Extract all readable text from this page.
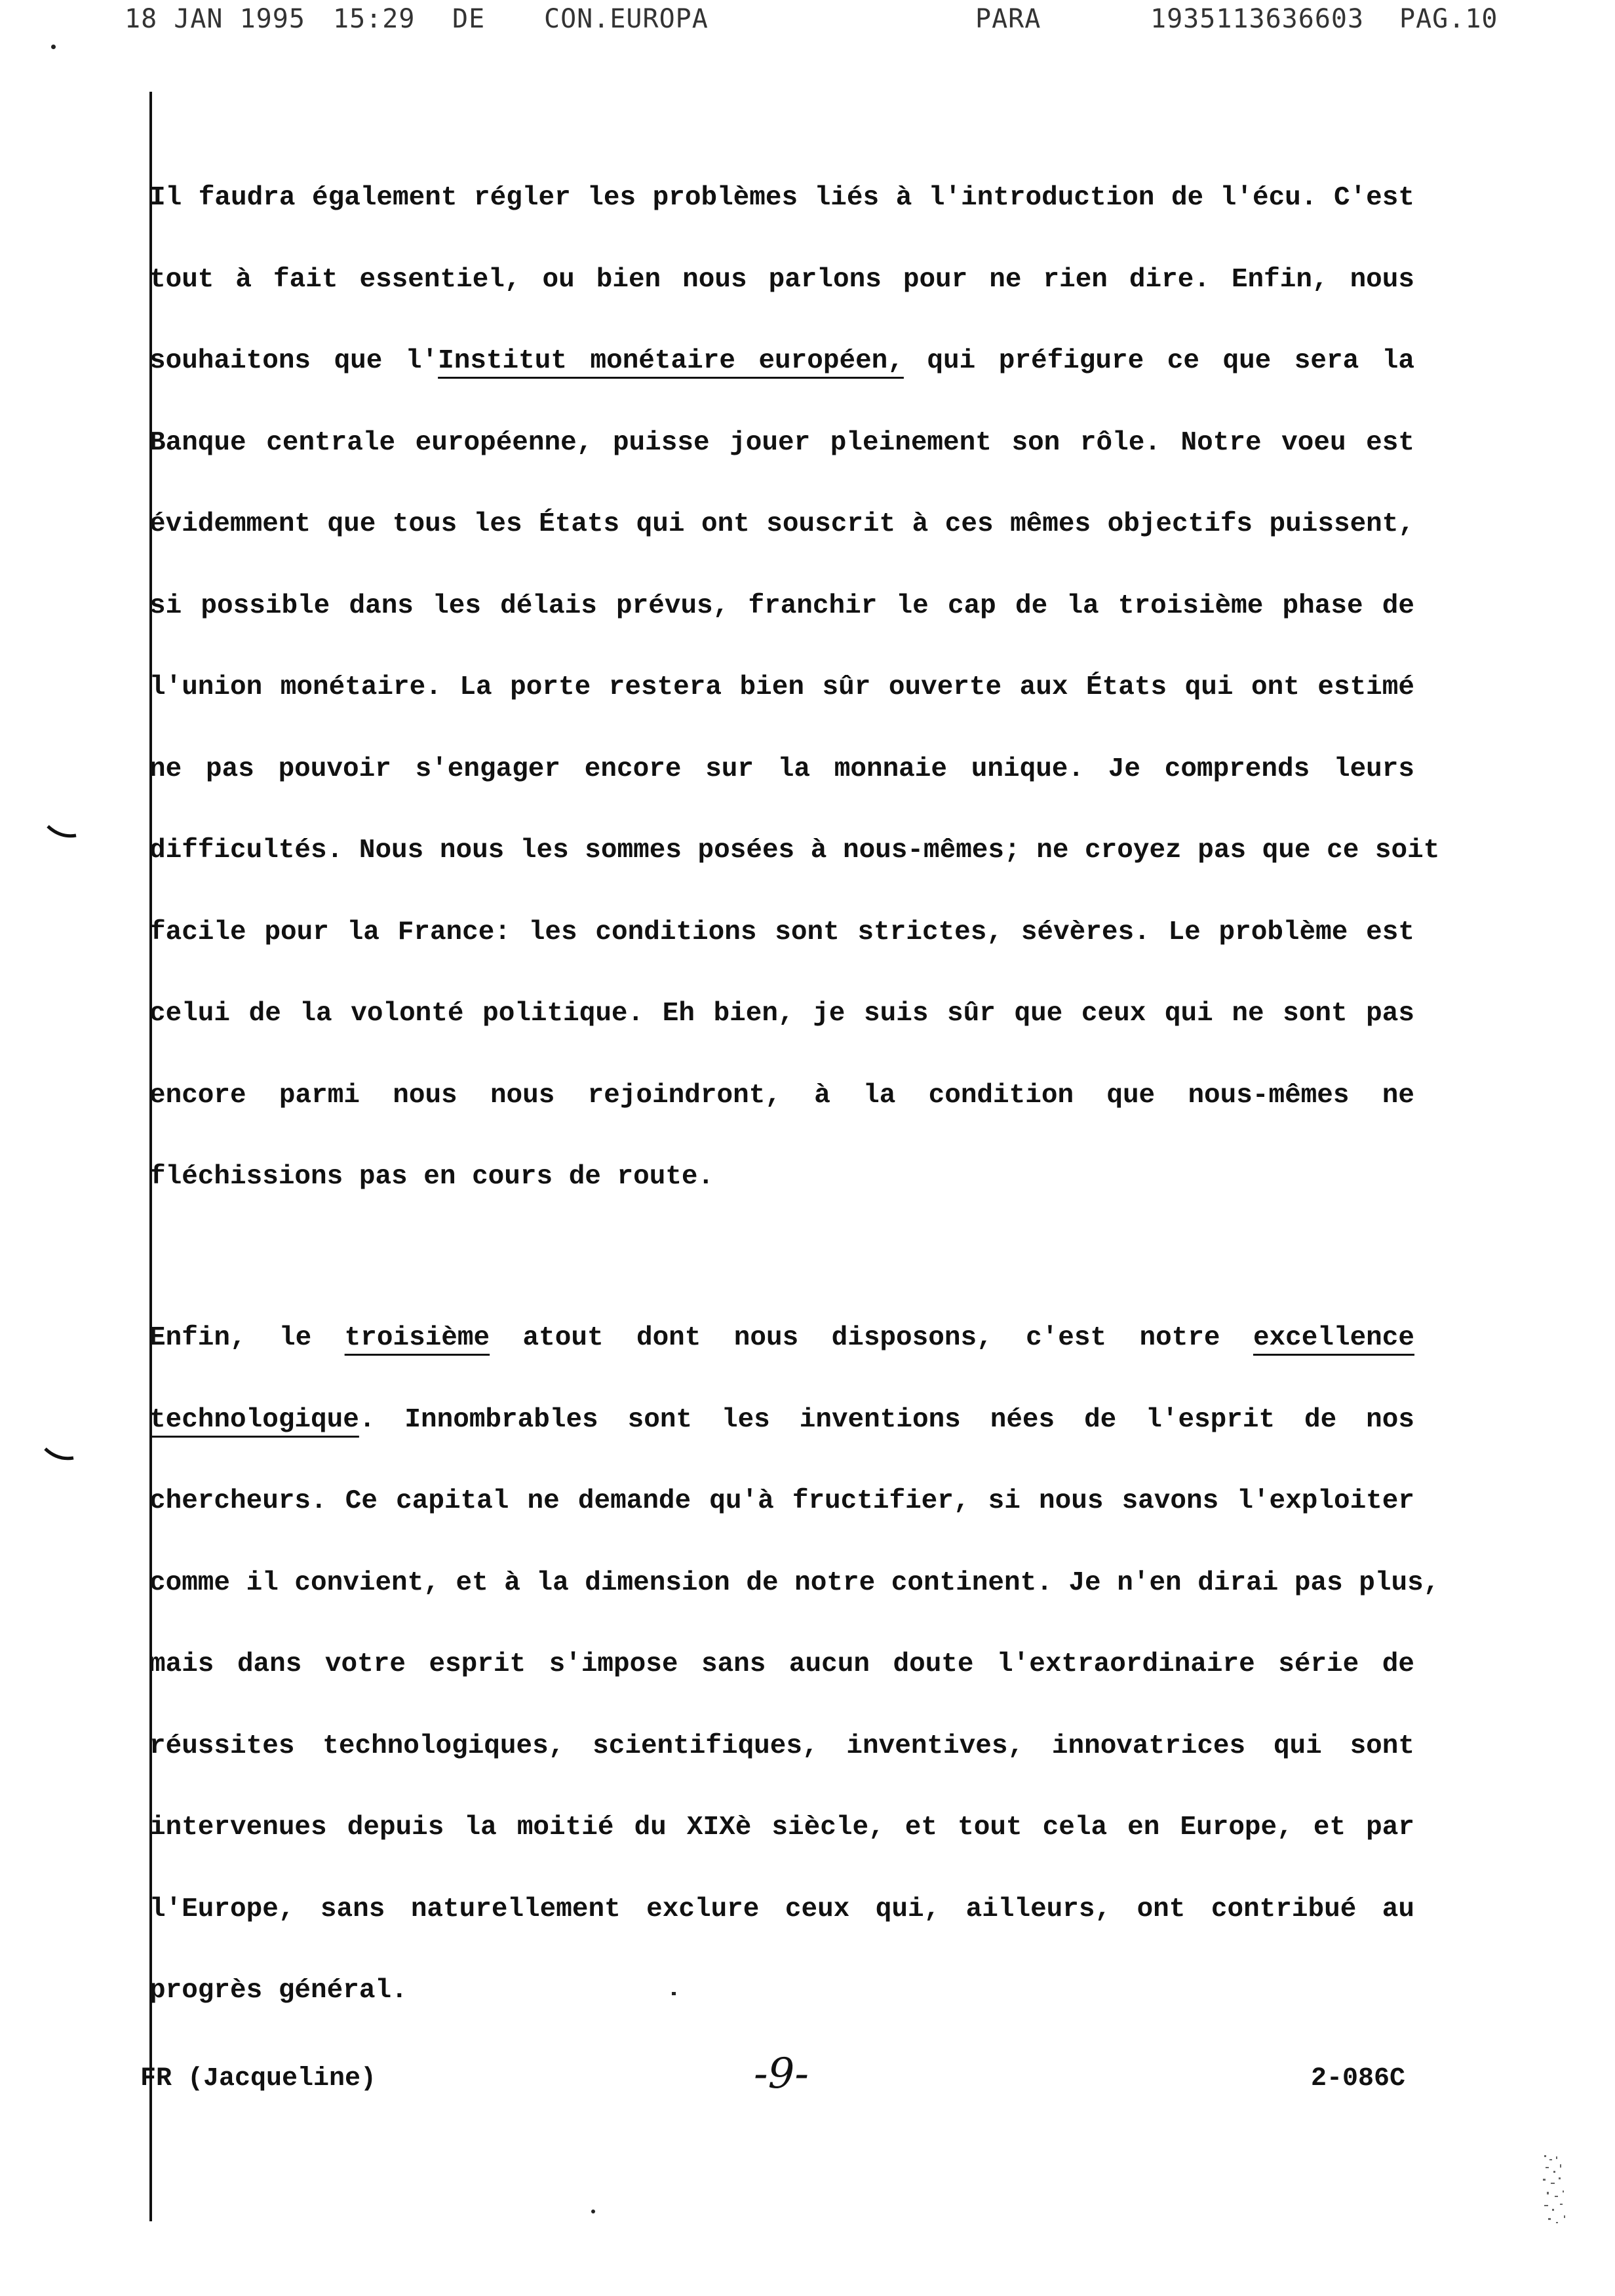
18 JAN 1995 15:29 DE CON.EUROPA	PARA	1935113636603 PAG.10
Il faudra également régler les problèmes liés à l'introduction de l'écu. C'est
tout à fait essentiel, ou bien nous parlons pour ne rien dire. Enfin, nous
souhaitons que l'Institut monétaire européen, qui préfigure ce que sera la
Banque centrale européenne, puisse jouer pleinement son rôle. Notre voeu est
évidemment que tous les États qui ont souscrit à ces mêmes objectifs puissent,
si possible dans les délais prévus, franchir le cap de la troisième phase de
l'union monétaire. La porte restera bien sûr ouverte aux États qui ont estimé
ne pas pouvoir s'engager encore sur la monnaie unique. Je comprends leurs
difficultés. Nous nous les sommes posées à nous-mêmes; ne croyez pas que ce soit
facile pour la France: les conditions sont strictes, sévères. Le problème est
celui de la volonté politique. Eh bien, je suis sûr que ceux qui ne sont pas
encore parmi nous nous rejoindront, à la condition que nous-mêmes ne
fléchissions pas en cours de route.
Enfin, le troisième atout dont nous disposons, c'est notre excellence
technologique. Innombrables sont les inventions nées de l'esprit de nos
chercheurs. Ce capital ne demande qu'à fructifier, si nous savons l'exploiter
comme il convient, et à la dimension de notre continent. Je n'en dirai pas plus,
mais dans votre esprit s'impose sans aucun doute l'extraordinaire série de
réussites technologiques, scientifiques, inventives, innovatrices qui sont
intervenues depuis la moitié du XIXè siècle, et tout cela en Europe, et par
l'Europe, sans naturellement exclure ceux qui, ailleurs, ont contribué au
progrès général.
FR (Jacqueline)	-9-	2-086C
